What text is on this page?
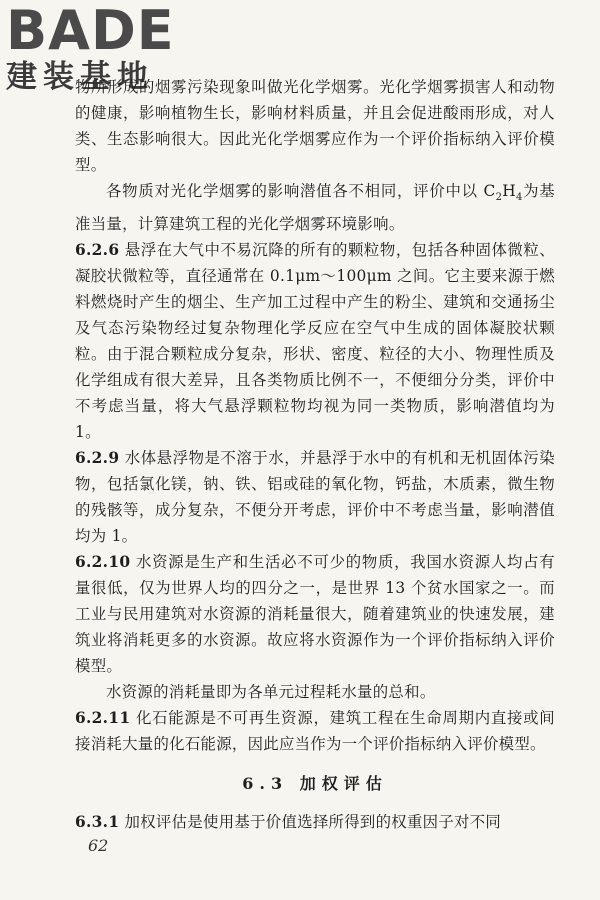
BADE
建装基地

物所形成的烟雾污染现象叫做光化学烟雾。光化学烟雾损害人和动物的健康，影响植物生长，影响材料质量，并且会促进酸雨形成，对人类、生态影响很大。因此光化学烟雾应作为一个评价指标纳入评价模型。

各物质对光化学烟雾的影响潜值各不相同，评价中以 $C_2H_4$为基准当量，计算建筑工程的光化学烟雾环境影响。

6.2.6 悬浮在大气中不易沉降的所有的颗粒物，包括各种固体微粒、凝胶状微粒等，直径通常在 0.1μm～100μm 之间。它主要来源于燃料燃烧时产生的烟尘、生产加工过程中产生的粉尘、建筑和交通扬尘及气态污染物经过复杂物理化学反应在空气中生成的固体凝胶状颗粒。由于混合颗粒成分复杂，形状、密度、粒径的大小、物理性质及化学组成有很大差异，且各类物质比例不一，不便细分分类，评价中不考虑当量，将大气悬浮颗粒物均视为同一类物质，影响潜值均为 1。

6.2.9 水体悬浮物是不溶于水，并悬浮于水中的有机和无机固体污染物，包括氯化镁，钠、铁、铝或硅的氧化物，钙盐，木质素，微生物的残骸等，成分复杂，不便分开考虑，评价中不考虑当量，影响潜值均为 1。

6.2.10 水资源是生产和生活必不可少的物质，我国水资源人均占有量很低，仅为世界人均的四分之一，是世界 13 个贫水国家之一。而工业与民用建筑对水资源的消耗量很大，随着建筑业的快速发展，建筑业将消耗更多的水资源。故应将水资源作为一个评价指标纳入评价模型。

水资源的消耗量即为各单元过程耗水量的总和。

6.2.11 化石能源是不可再生资源，建筑工程在生命周期内直接或间接消耗大量的化石能源，因此应当作为一个评价指标纳入评价模型。

6.3 加权评估

6.3.1 加权评估是使用基于价值选择所得到的权重因子对不同

62
